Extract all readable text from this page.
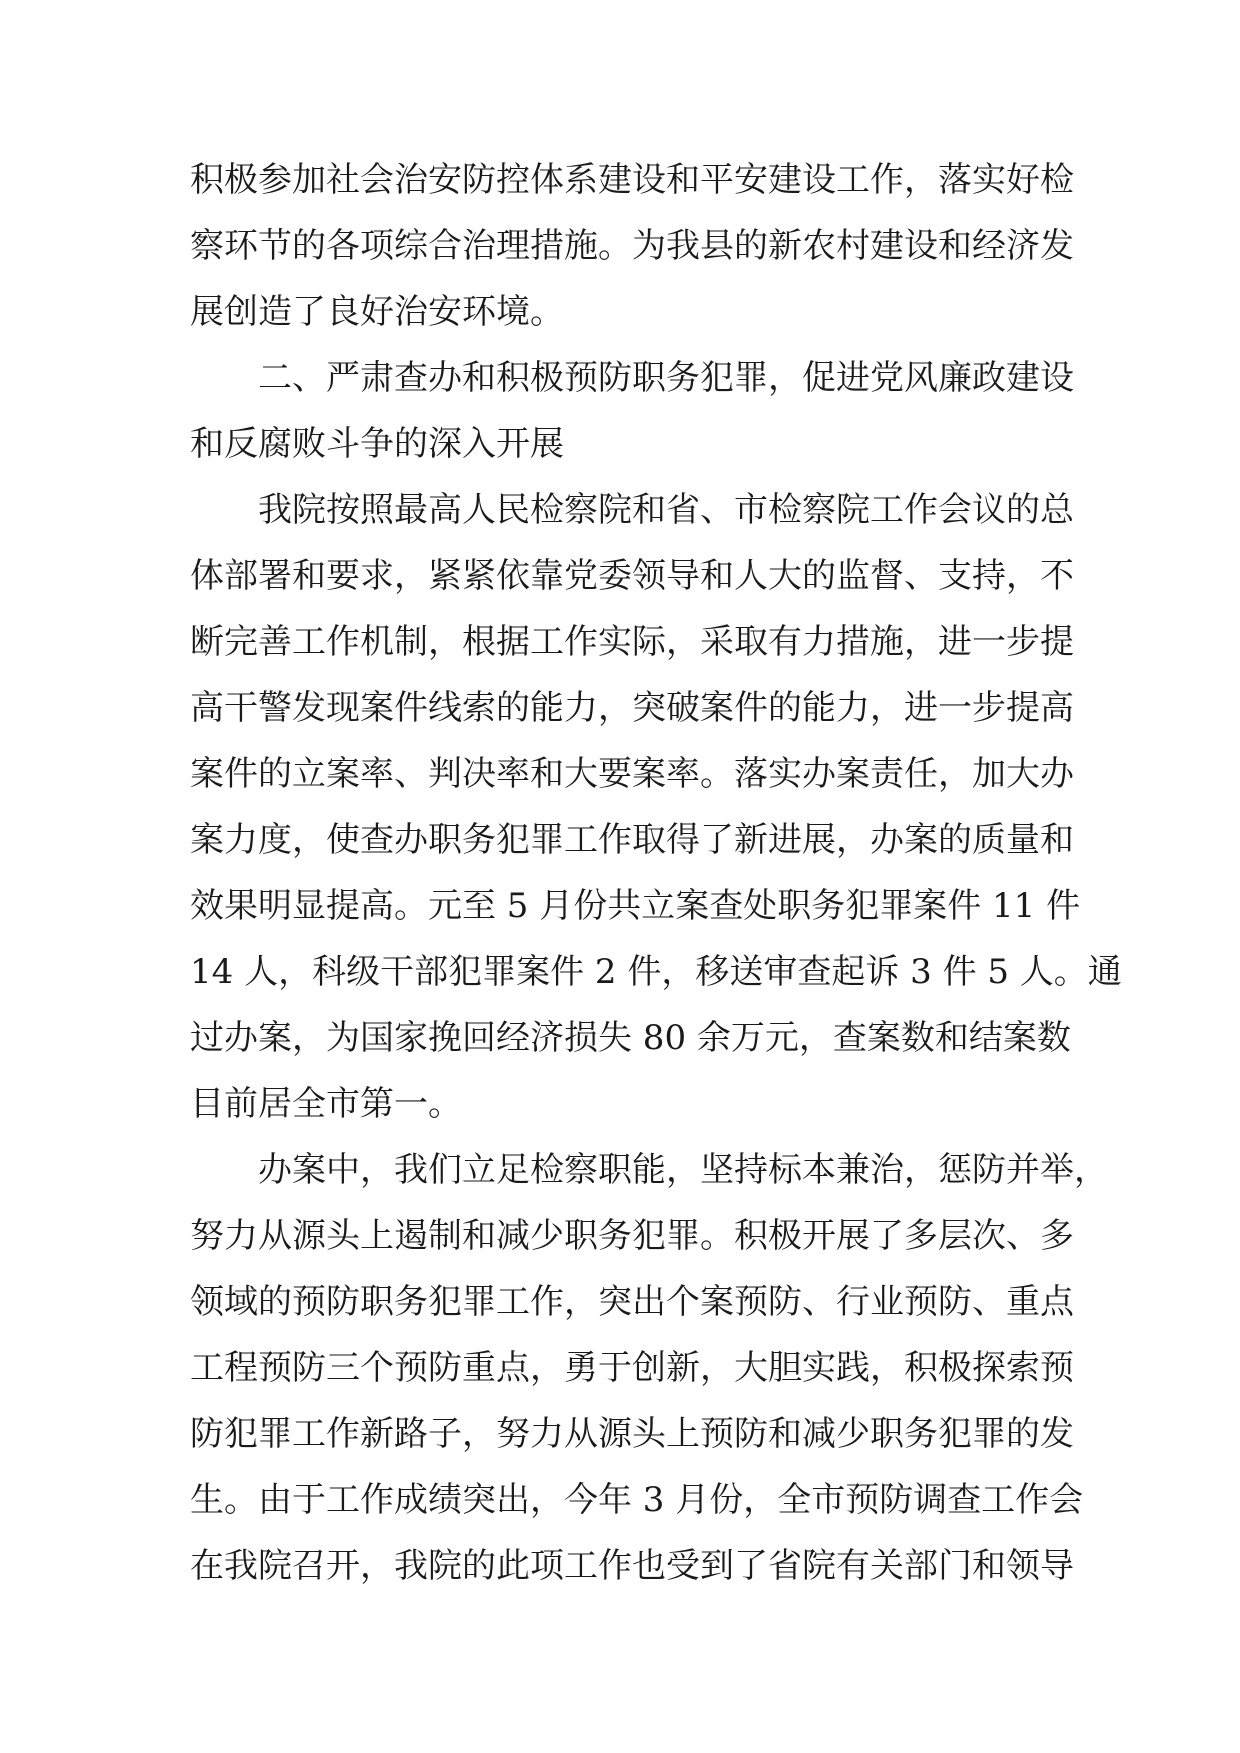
积极参加社会治安防控体系建设和平安建设工作，落实好检
察环节的各项综合治理措施。为我县的新农村建设和经济发
展创造了良好治安环境。
二、严肃查办和积极预防职务犯罪，促进党风廉政建设
和反腐败斗争的深入开展
我院按照最高人民检察院和省、市检察院工作会议的总
体部署和要求，紧紧依靠党委领导和人大的监督、支持，不
断完善工作机制，根据工作实际，采取有力措施，进一步提
高干警发现案件线索的能力，突破案件的能力，进一步提高
案件的立案率、判决率和大要案率。落实办案责任，加大办
案力度，使查办职务犯罪工作取得了新进展，办案的质量和
效果明显提高。元至 5 月份共立案查处职务犯罪案件 11 件
14 人，科级干部犯罪案件 2 件，移送审查起诉 3 件 5 人。通
过办案，为国家挽回经济损失 80 余万元，查案数和结案数
目前居全市第一。
办案中，我们立足检察职能，坚持标本兼治，惩防并举，
努力从源头上遏制和减少职务犯罪。积极开展了多层次、多
领域的预防职务犯罪工作，突出个案预防、行业预防、重点
工程预防三个预防重点，勇于创新，大胆实践，积极探索预
防犯罪工作新路子，努力从源头上预防和减少职务犯罪的发
生。由于工作成绩突出，今年 3 月份，全市预防调查工作会
在我院召开，我院的此项工作也受到了省院有关部门和领导
